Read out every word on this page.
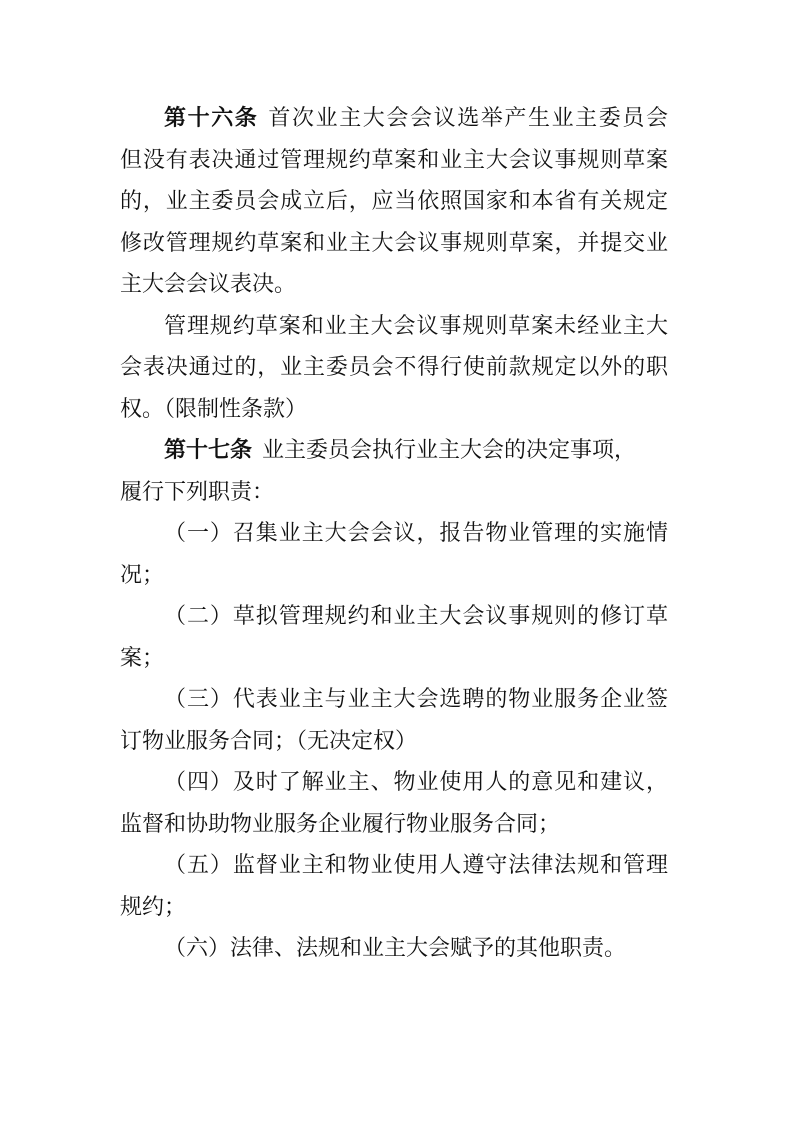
第十六条 首次业主大会会议选举产生业主委员会
但没有表决通过管理规约草案和业主大会议事规则草案
的，业主委员会成立后，应当依照国家和本省有关规定
修改管理规约草案和业主大会议事规则草案，并提交业
主大会会议表决。
管理规约草案和业主大会议事规则草案未经业主大
会表决通过的，业主委员会不得行使前款规定以外的职
权。（限制性条款）
第十七条 业主委员会执行业主大会的决定事项，
履行下列职责：
（一）召集业主大会会议，报告物业管理的实施情
况；
（二）草拟管理规约和业主大会议事规则的修订草
案；
（三）代表业主与业主大会选聘的物业服务企业签
订物业服务合同；（无决定权）
（四）及时了解业主、物业使用人的意见和建议，
监督和协助物业服务企业履行物业服务合同；
（五）监督业主和物业使用人遵守法律法规和管理
规约；
（六）法律、法规和业主大会赋予的其他职责。
